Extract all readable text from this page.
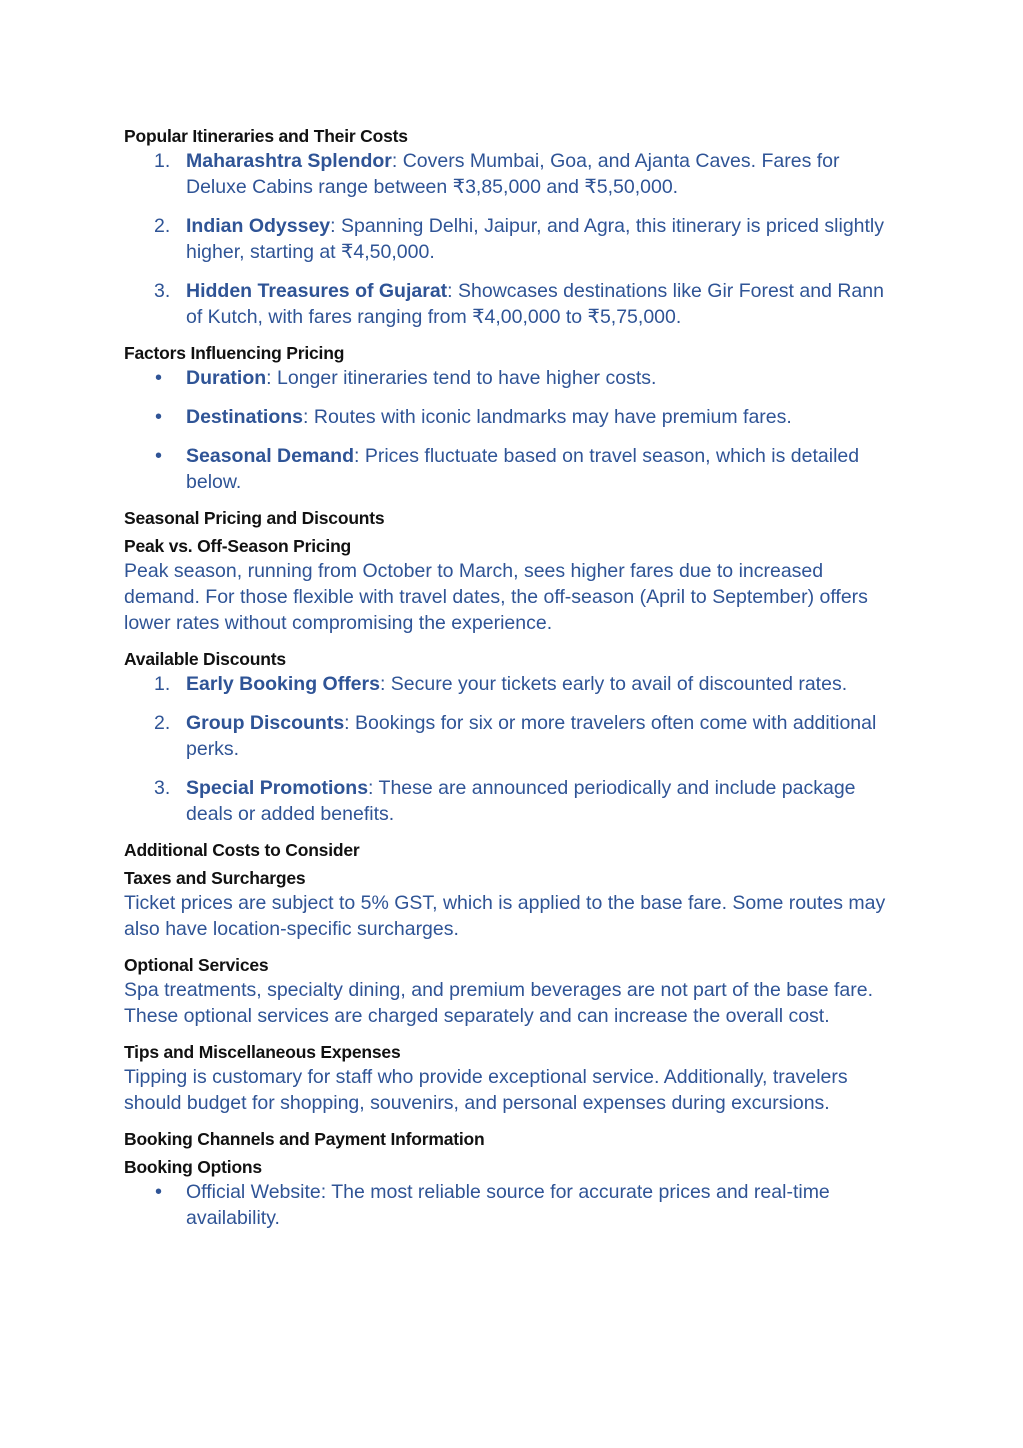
Popular Itineraries and Their Costs
1. Maharashtra Splendor: Covers Mumbai, Goa, and Ajanta Caves. Fares for Deluxe Cabins range between ₹3,85,000 and ₹5,50,000.
2. Indian Odyssey: Spanning Delhi, Jaipur, and Agra, this itinerary is priced slightly higher, starting at ₹4,50,000.
3. Hidden Treasures of Gujarat: Showcases destinations like Gir Forest and Rann of Kutch, with fares ranging from ₹4,00,000 to ₹5,75,000.
Factors Influencing Pricing
•	Duration: Longer itineraries tend to have higher costs.
•	Destinations: Routes with iconic landmarks may have premium fares.
•	Seasonal Demand: Prices fluctuate based on travel season, which is detailed below.
Seasonal Pricing and Discounts
Peak vs. Off-Season Pricing

Peak season, running from October to March, sees higher fares due to increased demand. For those flexible with travel dates, the off-season (April to September) offers lower rates without compromising the experience.

Available Discounts
1. Early Booking Offers: Secure your tickets early to avail of discounted rates.
2. Group Discounts: Bookings for six or more travelers often come with additional perks.
3. Special Promotions: These are announced periodically and include package deals or added benefits.
Additional Costs to Consider
Taxes and Surcharges

Ticket prices are subject to 5% GST, which is applied to the base fare. Some routes may also have location-specific surcharges.

Optional Services

Spa treatments, specialty dining, and premium beverages are not part of the base fare. These optional services are charged separately and can increase the overall cost.

Tips and Miscellaneous Expenses

Tipping is customary for staff who provide exceptional service. Additionally, travelers should budget for shopping, souvenirs, and personal expenses during excursions.

Booking Channels and Payment Information
Booking Options
•	Official Website: The most reliable source for accurate prices and real-time availability.
